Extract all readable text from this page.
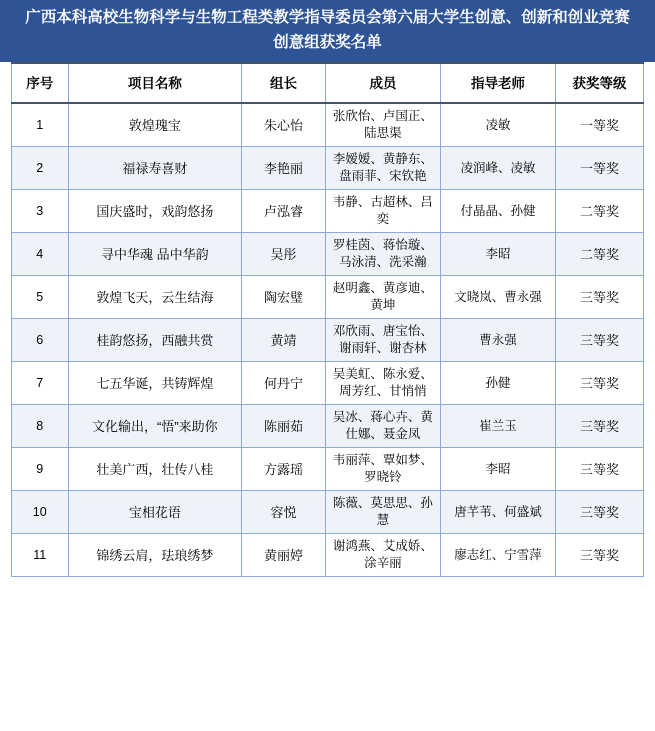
广西本科高校生物科学与生物工程类教学指导委员会第六届大学生创意、创新和创业竞赛
创意组获奖名单
序号	项目名称	组长	成员	指导老师	获奖等级
1	敦煌瑰宝	朱心怡	张欣怡、卢国正、陆思渠	凌敏	一等奖
2	福禄寿喜财	李艳丽	李嫒嫒、黄静东、盘雨菲、宋钦艳	凌润峰、凌敏	一等奖
3	国庆盛时，戏韵悠扬	卢泓睿	韦静、古超林、吕奕	付晶晶、孙健	二等奖
4	寻中华魂 品中华韵	吴彤	罗桂茵、蒋怡璇、马泳清、洗采瀚	李昭	二等奖
5	敦煌飞天，云生结海	陶宏璧	赵明鑫、黄彦迪、黄坤	文晓岚、曹永强	三等奖
6	桂韵悠扬，西融共赏	黄靖	邓欣雨、唐宝怡、谢雨轩、谢杏林	曹永强	三等奖
7	七五华诞，共铸辉煌	何丹宁	吴美虹、陈永爱、周芳红、甘悄悄	孙健	三等奖
8	文化输出，“悟”来助你	陈丽茹	吴冰、蒋心卉、黄仕娜、聂金凤	崔兰玉	三等奖
9	壮美广西，壮传八桂	方露瑶	韦丽萍、覃如梦、罗晓铃	李昭	三等奖
10	宝相花语	容悦	陈薇、莫思思、孙慧	唐芊苇、何盛斌	三等奖
11	锦绣云肩，珐琅绣梦	黄丽婷	谢鸿燕、艾成娇、涂辛丽	廖志红、宁雪萍	三等奖
